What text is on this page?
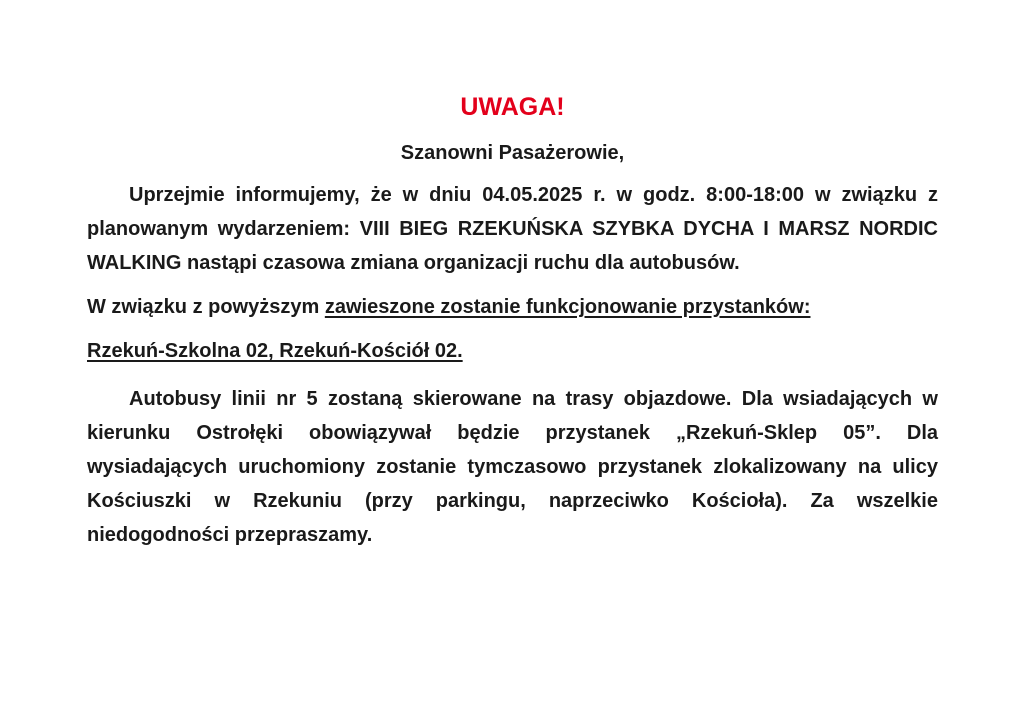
UWAGA!
Szanowni Pasażerowie,

Uprzejmie informujemy, że w dniu 04.05.2025 r. w godz. 8:00-18:00 w związku z planowanym wydarzeniem: VIII BIEG RZEKUŃSKA SZYBKA DYCHA I MARSZ NORDIC WALKING nastąpi czasowa zmiana organizacji ruchu dla autobusów.

W związku z powyższym zawieszone zostanie funkcjonowanie przystanków:

Rzekuń-Szkolna 02, Rzekuń-Kościół 02.

Autobusy linii nr 5 zostaną skierowane na trasy objazdowe. Dla wsiadających w kierunku Ostrołęki obowiązywał będzie przystanek „Rzekuń-Sklep 05”. Dla wysiadających uruchomiony zostanie tymczasowo przystanek zlokalizowany na ulicy Kościuszki w Rzekuniu (przy parkingu, naprzeciwko Kościoła). Za wszelkie niedogodności przepraszamy.
